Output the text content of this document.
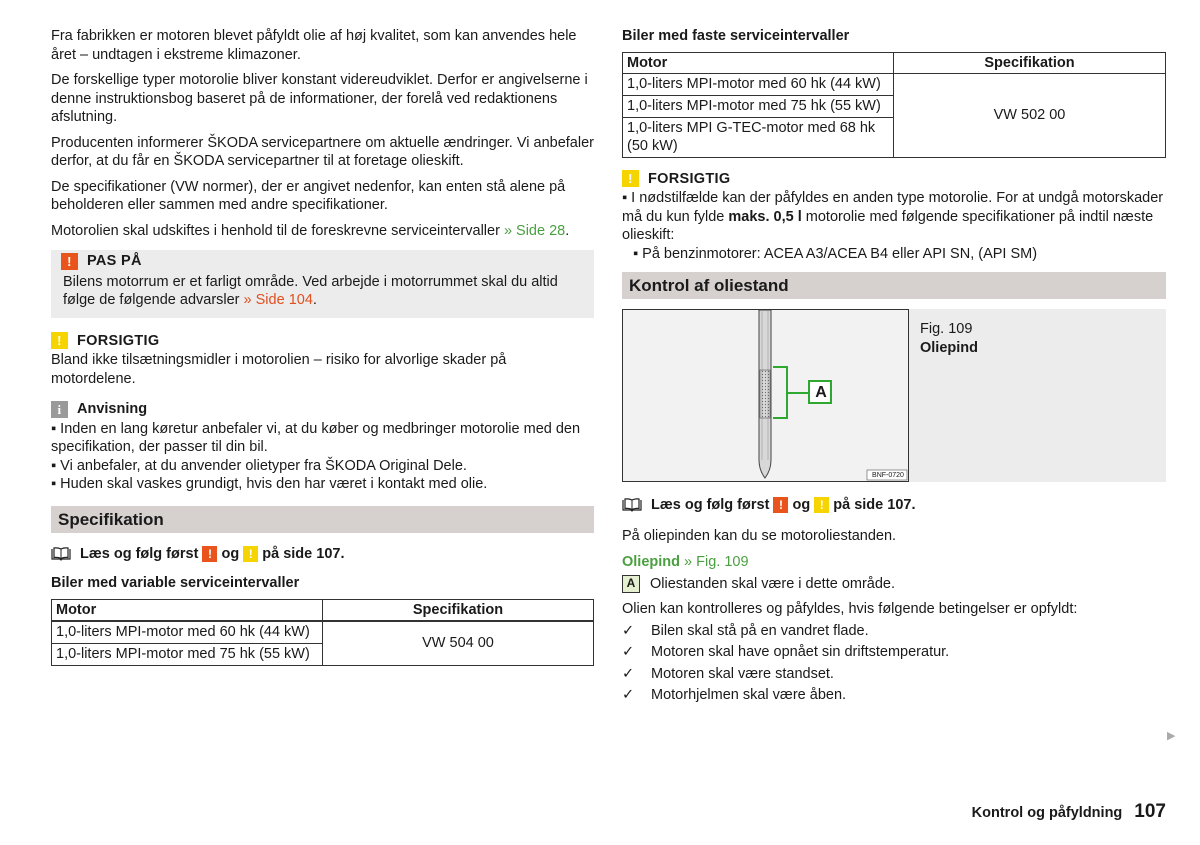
Fra fabrikken er motoren blevet påfyldt olie af høj kvalitet, som kan anvendes hele året – undtagen i ekstreme klimazoner.

De forskellige typer motorolie bliver konstant videreudviklet. Derfor er angivelserne i denne instruktionsbog baseret på de informationer, der forelå ved redaktionens afslutning.

Producenten informerer ŠKODA servicepartnere om aktuelle ændringer. Vi anbefaler derfor, at du får en ŠKODA servicepartner til at foretage olieskift.

De specifikationer (VW normer), der er angivet nedenfor, kan enten stå alene på beholderen eller sammen med andre specifikationer.

Motorolien skal udskiftes i henhold til de foreskrevne serviceintervaller » Side 28.

!	PAS PÅ

Bilens motorrum er et farligt område. Ved arbejde i motorrummet skal du altid følge de følgende advarsler » Side 104.

!	FORSIGTIG

Bland ikke tilsætningsmidler i motorolien – risiko for alvorlige skader på motordelene.

i	Anvisning

▪ Inden en lang køretur anbefaler vi, at du køber og medbringer motorolie med den specifikation, der passer til din bil.

▪ Vi anbefaler, at du anvender olietyper fra ŠKODA Original Dele.

▪ Huden skal vaskes grundigt, hvis den har været i kontakt med olie.

Specifikation
Læs og følg først
!
og
!
på side 107.

Biler med variable serviceintervaller

Motor	Specifikation
1,0-liters MPI-motor med 60 hk (44 kW)	VW 504 00
1,0-liters MPI-motor med 75 hk (55 kW)	

Biler med faste serviceintervaller

Motor	Specifikation
1,0-liters MPI-motor med 60 hk (44 kW)	VW 502 00
1,0-liters MPI-motor med 75 hk (55 kW)	
1,0-liters MPI G-TEC-motor med 68 hk (50 kW)	
!	FORSIGTIG

▪ I nødstilfælde kan der påfyldes en anden type motorolie. For at undgå motorskader må du kun fylde maks. 0,5 l motorolie med følgende specifikationer på indtil næste olieskift:

▪ På benzinmotorer: ACEA A3/ACEA B4 eller API SN, (API SM)

Kontrol af oliestand
A
BNF-0720

Fig. 109

Oliepind

Læs og følg først
!
og
!
på side 107.

På oliepinden kan du se motoroliestanden.

Oliepind » Fig. 109

A	Oliestanden skal være i dette område.

Olien kan kontrolleres og påfyldes, hvis følgende betingelser er opfyldt:

✓	Bilen skal stå på en vandret flade.
✓	Motoren skal have opnået sin driftstemperatur.
✓	Motoren skal være standset.
✓	Motorhjelmen skal være åben.
▶
Kontrol og påfyldning 107
